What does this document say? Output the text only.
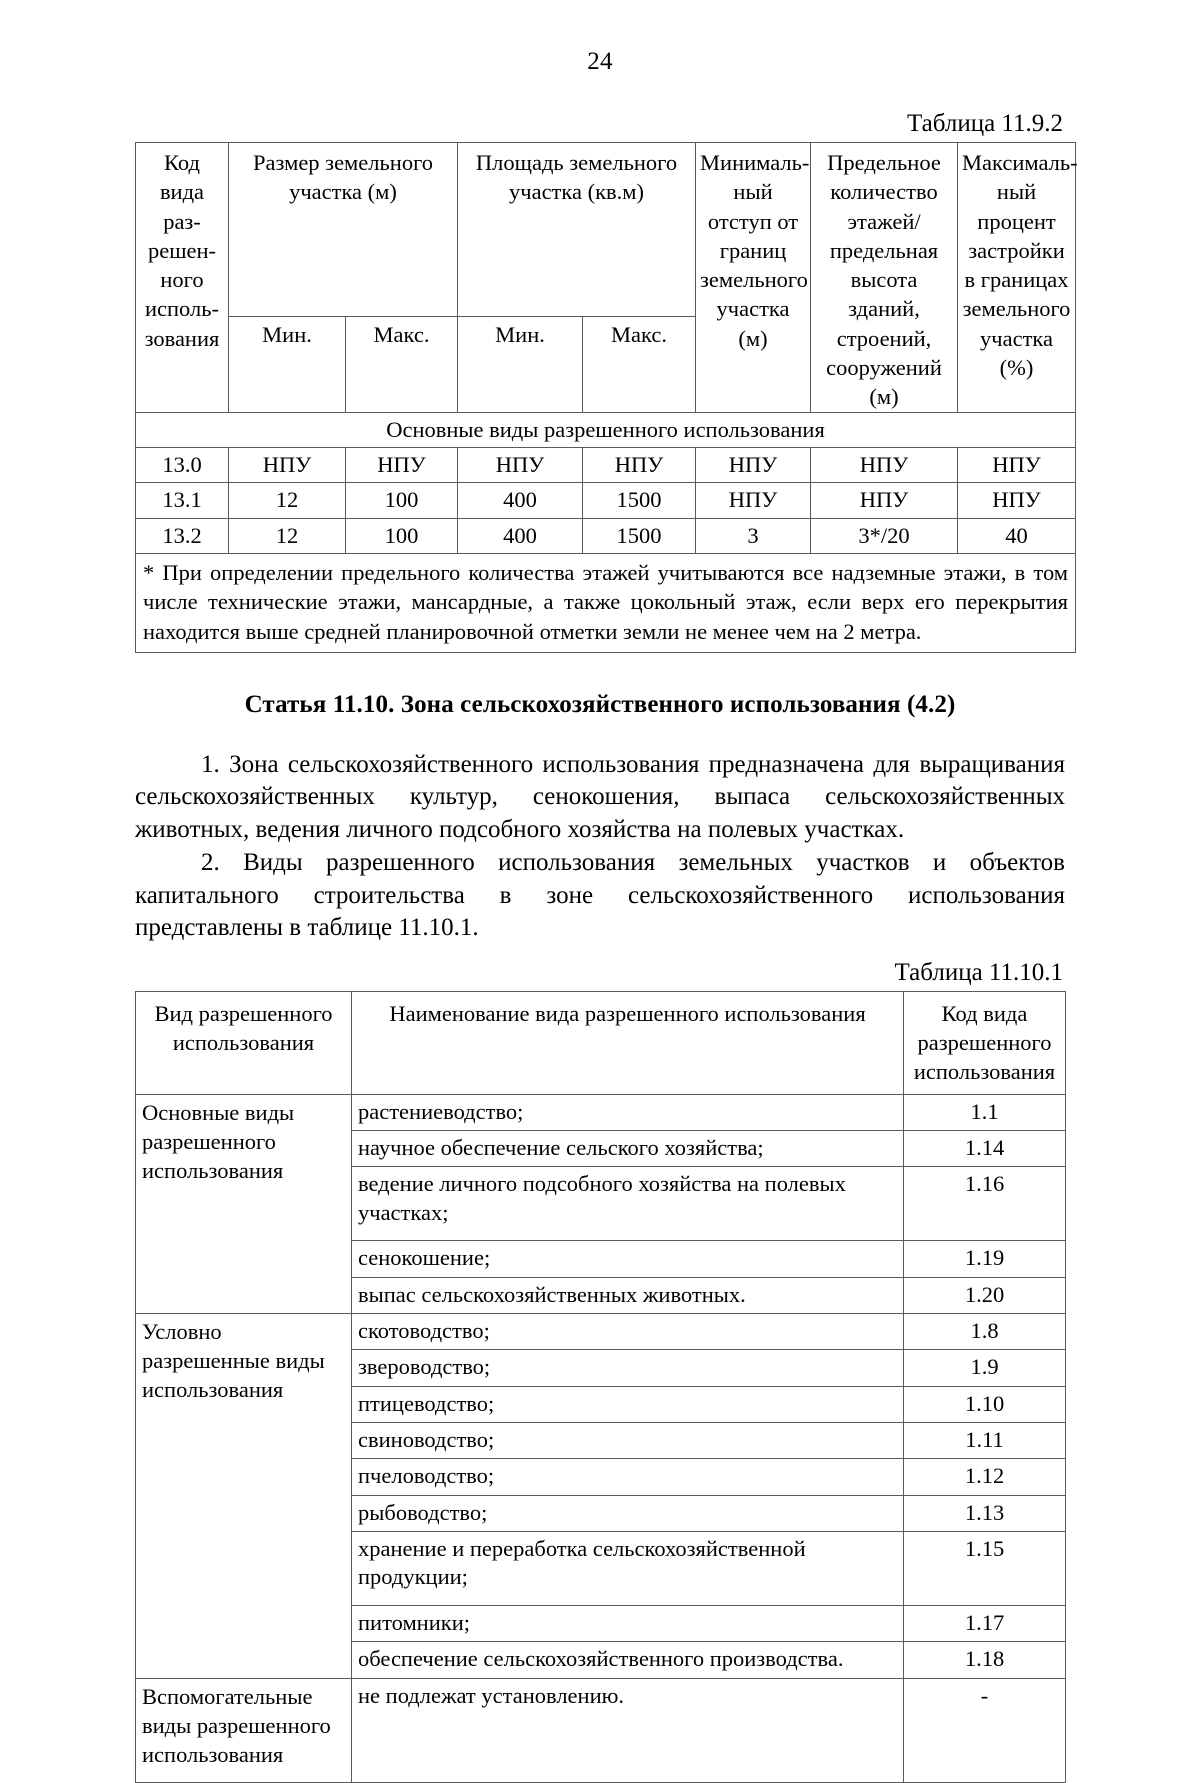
24
Таблица 11.9.2
Код вида раз-решен-ного исполь-зования	Размер земельного участка (м)		Площадь земельного участка (кв.м)		Минималь-ный отступ от границ земельного участка (м)	Предельное количество этажей/ предельная высота зданий, строений, сооружений (м)	Максималь-ный процент застройки в границах земельного участка (%)
	Мин.	Макс.	Мин.	Макс.			
Основные виды разрешенного использования							
13.0	НПУ	НПУ	НПУ	НПУ	НПУ	НПУ	НПУ
13.1	12	100	400	1500	НПУ	НПУ	НПУ
13.2	12	100	400	1500	3	3*/20	40
* При определении предельного количества этажей учитываются все надземные этажи, в том числе технические этажи, мансардные, а также цокольный этаж, если верх его перекрытия находится выше средней планировочной отметки земли не менее чем на 2 метра.							
Статья 11.10. Зона сельскохозяйственного использования (4.2)

1. Зона сельскохозяйственного использования предназначена для выращивания сельскохозяйственных культур, сенокошения, выпаса сельскохозяйственных животных, ведения личного подсобного хозяйства на полевых участках.

2. Виды разрешенного использования земельных участков и объектов капитального строительства в зоне сельскохозяйственного использования представлены в таблице 11.10.1.

Таблица 11.10.1
Вид разрешенного использования	Наименование вида разрешенного использования	Код вида разрешенного использования
Основные виды разрешенного использования	растениеводство;	1.1
	научное обеспечение сельского хозяйства;	1.14
	ведение личного подсобного хозяйства на полевых участках;	1.16
	сенокошение;	1.19
	выпас сельскохозяйственных животных.	1.20
Условно разрешенные виды использования	скотоводство;	1.8
	звероводство;	1.9
	птицеводство;	1.10
	свиноводство;	1.11
	пчеловодство;	1.12
	рыбоводство;	1.13
	хранение и переработка сельскохозяйственной продукции;	1.15
	питомники;	1.17
	обеспечение сельскохозяйственного производства.	1.18
Вспомогательные виды разрешенного использования	не подлежат установлению.	-
